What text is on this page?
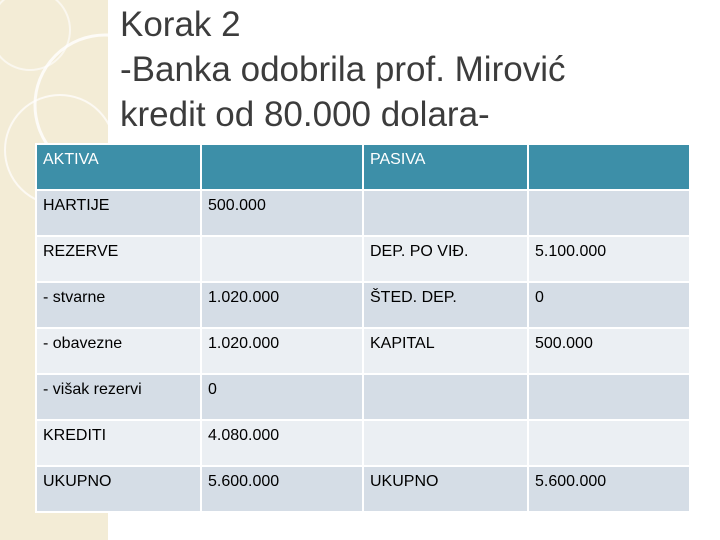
Korak 2
-Banka odobrila prof. Mirović
kredit od 80.000 dolara-
AKTIVA		PASIVA	
HARTIJE	500.000		
REZERVE		DEP. PO VIĐ.	5.100.000
- stvarne	1.020.000	ŠTED. DEP.	0
- obavezne	1.020.000	KAPITAL	500.000
- višak rezervi	0		
KREDITI	4.080.000		
UKUPNO	5.600.000	UKUPNO	5.600.000
